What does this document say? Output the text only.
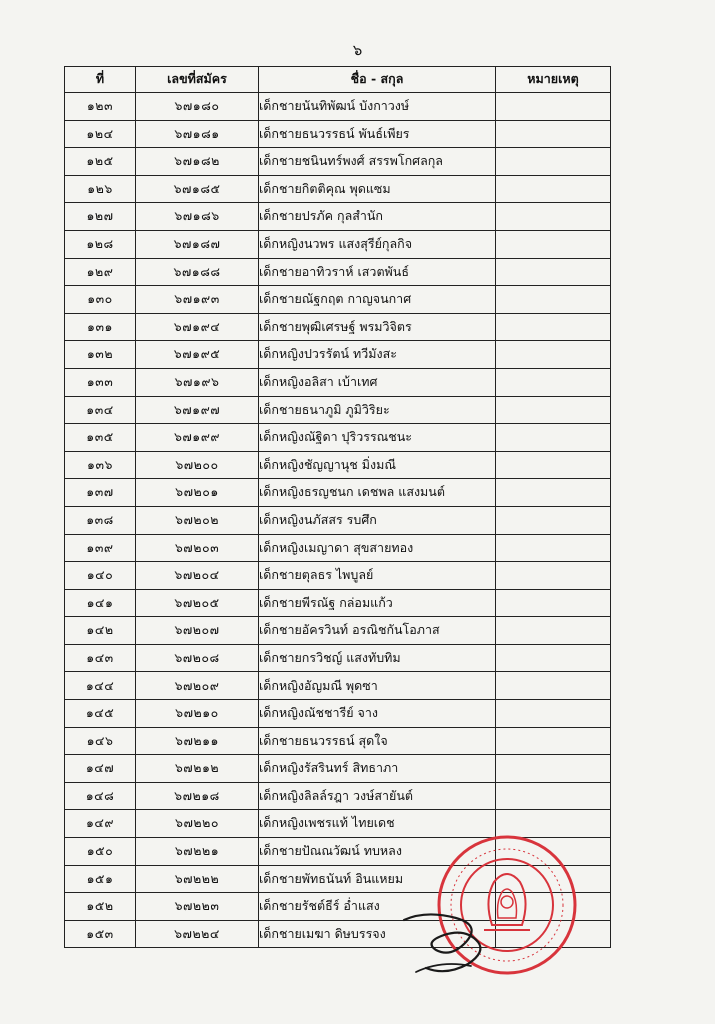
๖
ที่	เลขที่สมัคร	ชื่อ - สกุล	หมายเหตุ
๑๒๓	๖๗๑๘๐	เด็กชายนันทิพัฒน์ บังกาวงษ์	
๑๒๔	๖๗๑๘๑	เด็กชายธนวรรธน์ พันธ์เพียร	
๑๒๕	๖๗๑๘๒	เด็กชายชนินทร์พงศ์ สรรพโกศลกุล	
๑๒๖	๖๗๑๘๕	เด็กชายกิตติคุณ พุดแซม	
๑๒๗	๖๗๑๘๖	เด็กชายปรภัค กุลสำนัก	
๑๒๘	๖๗๑๘๗	เด็กหญิงนวพร แสงสุรีย์กุลกิจ	
๑๒๙	๖๗๑๘๘	เด็กชายอาทิวราห์ เสวตพันธ์	
๑๓๐	๖๗๑๙๓	เด็กชายณัฐกฤต กาญจนกาศ	
๑๓๑	๖๗๑๙๔	เด็กชายพุฒิเศรษฐ์ พรมวิจิตร	
๑๓๒	๖๗๑๙๕	เด็กหญิงปวรรัตน์ ทวีมังสะ	
๑๓๓	๖๗๑๙๖	เด็กหญิงอลิสา เบ้าเทศ	
๑๓๔	๖๗๑๙๗	เด็กชายธนาภูมิ ภูมิวิริยะ	
๑๓๕	๖๗๑๙๙	เด็กหญิงณัฐิดา ปุริวรรณชนะ	
๑๓๖	๖๗๒๐๐	เด็กหญิงชัญญานุช มิ่งมณี	
๑๓๗	๖๗๒๐๑	เด็กหญิงธรญชนก เดชพล แสงมนต์	
๑๓๘	๖๗๒๐๒	เด็กหญิงนภัสสร รบศึก	
๑๓๙	๖๗๒๐๓	เด็กหญิงเมญาดา สุขสายทอง	
๑๔๐	๖๗๒๐๔	เด็กชายตุลธร ไพบูลย์	
๑๔๑	๖๗๒๐๕	เด็กชายพีรณัฐ กล่อมแก้ว	
๑๔๒	๖๗๒๐๗	เด็กชายอัครวินท์ อรณิชกันโอภาส	
๑๔๓	๖๗๒๐๘	เด็กชายกรวิชญ์ แสงทับทิม	
๑๔๔	๖๗๒๐๙	เด็กหญิงอัญมณี พุดซา	
๑๔๕	๖๗๒๑๐	เด็กหญิงณัชชารีย์ จาง	
๑๔๖	๖๗๒๑๑	เด็กชายธนวรรธน์ สุดใจ	
๑๔๗	๖๗๒๑๒	เด็กหญิงรัสรินทร์ สิทธาภา	
๑๔๘	๖๗๒๑๘	เด็กหญิงลิลล์รฎา วงษ์สายันต์	
๑๔๙	๖๗๒๒๐	เด็กหญิงเพชรแท้ ไทยเดช	
๑๕๐	๖๗๒๒๑	เด็กชายปัณณวัฒน์ ทบหลง	
๑๕๑	๖๗๒๒๒	เด็กชายพัทธนันท์ อินแหยม	
๑๕๒	๖๗๒๒๓	เด็กชายรัชต์ธีร์ อ่ำแสง	
๑๕๓	๖๗๒๒๔	เด็กชายเมฆา ดิษบรรจง	
